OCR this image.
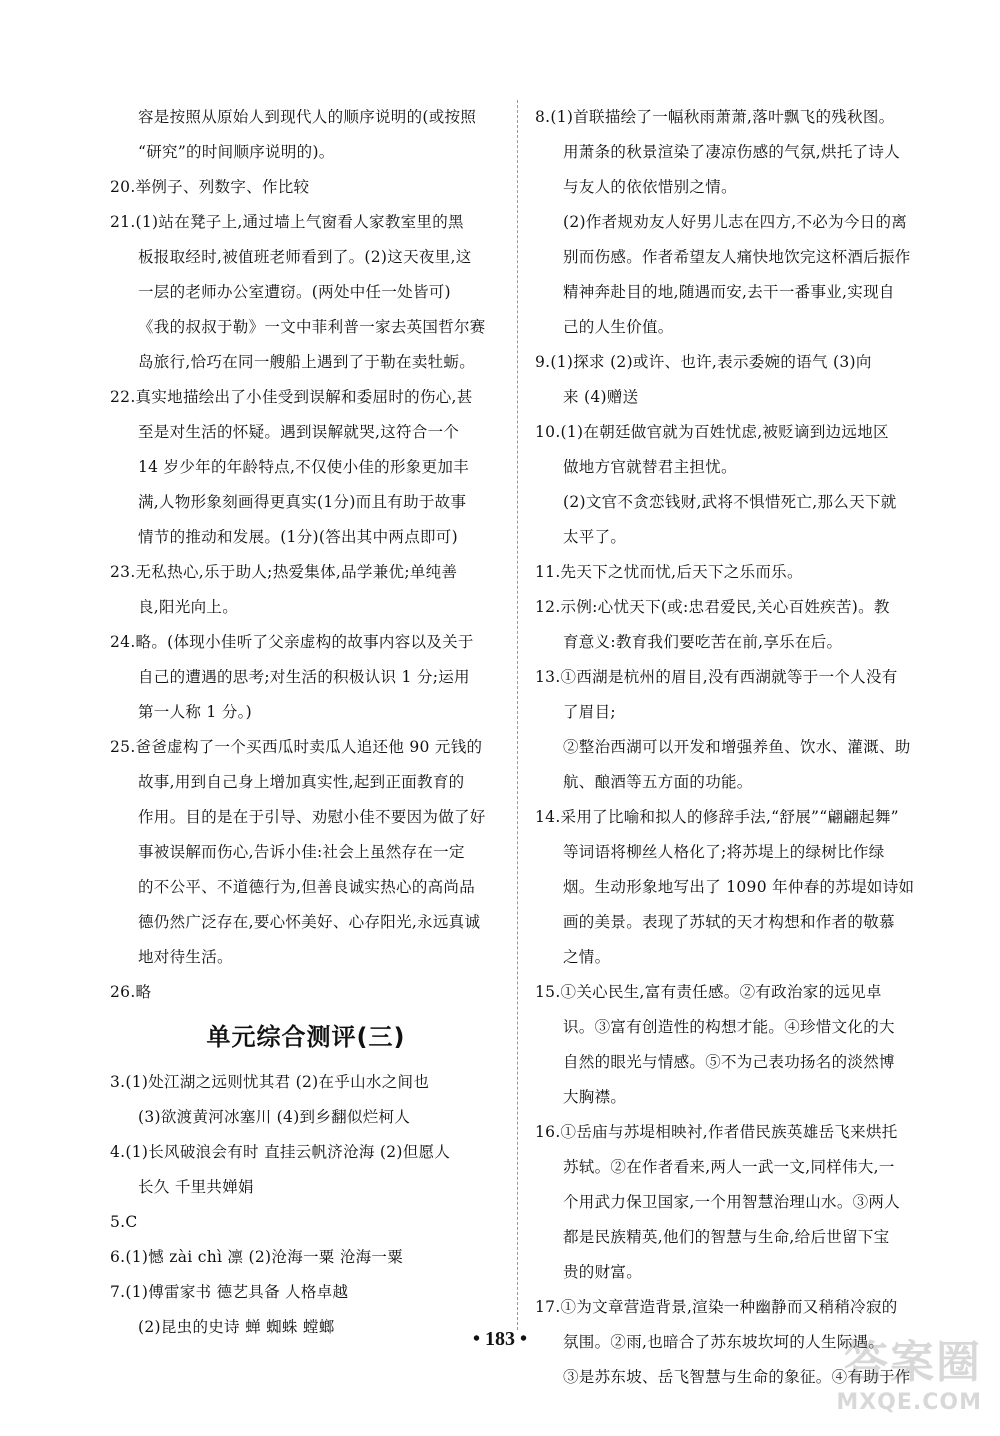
容是按照从原始人到现代人的顺序说明的(或按照
“研究”的时间顺序说明的)。
20.举例子、列数字、作比较
21.(1)站在凳子上,通过墙上气窗看人家教室里的黑
板报取经时,被值班老师看到了。(2)这天夜里,这
一层的老师办公室遭窃。(两处中任一处皆可)
《我的叔叔于勒》一文中菲利普一家去英国哲尔赛
岛旅行,恰巧在同一艘船上遇到了于勒在卖牡蛎。
22.真实地描绘出了小佳受到误解和委屈时的伤心,甚
至是对生活的怀疑。遇到误解就哭,这符合一个
14 岁少年的年龄特点,不仅使小佳的形象更加丰
满,人物形象刻画得更真实(1分)而且有助于故事
情节的推动和发展。(1分)(答出其中两点即可)
23.无私热心,乐于助人;热爱集体,品学兼优;单纯善
良,阳光向上。
24.略。(体现小佳听了父亲虚构的故事内容以及关于
自己的遭遇的思考;对生活的积极认识 1 分;运用
第一人称 1 分。)
25.爸爸虚构了一个买西瓜时卖瓜人追还他 90 元钱的
故事,用到自己身上增加真实性,起到正面教育的
作用。目的是在于引导、劝慰小佳不要因为做了好
事被误解而伤心,告诉小佳:社会上虽然存在一定
的不公平、不道德行为,但善良诚实热心的高尚品
德仍然广泛存在,要心怀美好、心存阳光,永远真诚
地对待生活。
26.略
单元综合测评(三)
3.(1)处江湖之远则忧其君 (2)在乎山水之间也
(3)欲渡黄河冰塞川 (4)到乡翻似烂柯人
4.(1)长风破浪会有时 直挂云帆济沧海 (2)但愿人
长久 千里共婵娟
5.C
6.(1)憾 zài chì 凛 (2)沧海一粟 沧海一粟
7.(1)傅雷家书 德艺具备 人格卓越
(2)昆虫的史诗 蝉 蜘蛛 螳螂
8.(1)首联描绘了一幅秋雨萧萧,落叶飘飞的残秋图。
用萧条的秋景渲染了凄凉伤感的气氛,烘托了诗人
与友人的依依惜别之情。
(2)作者规劝友人好男儿志在四方,不必为今日的离
别而伤感。作者希望友人痛快地饮完这杯酒后振作
精神奔赴目的地,随遇而安,去干一番事业,实现自
己的人生价值。
9.(1)探求 (2)或许、也许,表示委婉的语气 (3)向
来 (4)赠送
10.(1)在朝廷做官就为百姓忧虑,被贬谪到边远地区
做地方官就替君主担忧。
(2)文官不贪恋钱财,武将不惧惜死亡,那么天下就
太平了。
11.先天下之忧而忧,后天下之乐而乐。
12.示例:心忧天下(或:忠君爱民,关心百姓疾苦)。教
育意义:教育我们要吃苦在前,享乐在后。
13.①西湖是杭州的眉目,没有西湖就等于一个人没有
了眉目;
②整治西湖可以开发和增强养鱼、饮水、灌溉、助
航、酿酒等五方面的功能。
14.采用了比喻和拟人的修辞手法,“舒展”“翩翩起舞”
等词语将柳丝人格化了;将苏堤上的绿树比作绿
烟。生动形象地写出了 1090 年仲春的苏堤如诗如
画的美景。表现了苏轼的天才构想和作者的敬慕
之情。
15.①关心民生,富有责任感。②有政治家的远见卓
识。③富有创造性的构想才能。④珍惜文化的大
自然的眼光与情感。⑤不为己表功扬名的淡然博
大胸襟。
16.①岳庙与苏堤相映衬,作者借民族英雄岳飞来烘托
苏轼。②在作者看来,两人一武一文,同样伟大,一
个用武力保卫国家,一个用智慧治理山水。③两人
都是民族精英,他们的智慧与生命,给后世留下宝
贵的财富。
17.①为文章营造背景,渲染一种幽静而又稍稍冷寂的
氛围。②雨,也暗合了苏东坡坎坷的人生际遇。
③是苏东坡、岳飞智慧与生命的象征。④有助于作
• 183 •	答案圈
MXQE.COM
